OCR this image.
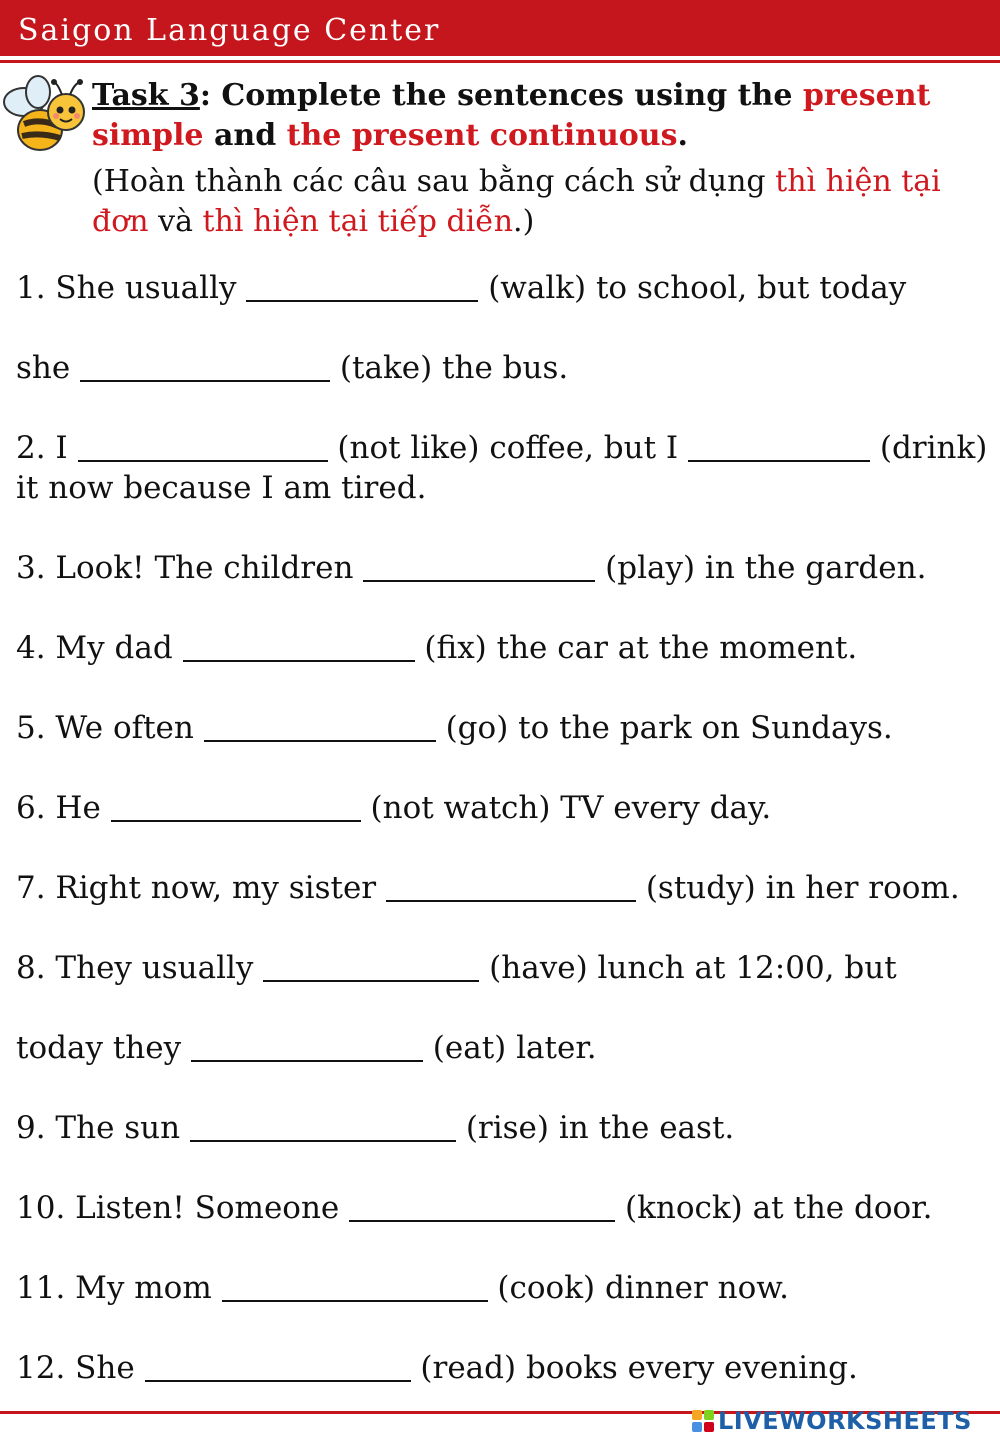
Saigon Language Center
Task 3: Complete the sentences using the present simple and the present continuous.
(Hoàn thành các câu sau bằng cách sử dụng thì hiện tại đơn và thì hiện tại tiếp diễn.)
1. She usually	(walk) to school, but today
she	(take) the bus.
2. I	(not like) coffee, but I	(drink)
it now because I am tired.
3. Look! The children	(play) in the garden.
4. My dad	(fix) the car at the moment.
5. We often	(go) to the park on Sundays.
6. He	(not watch) TV every day.
7. Right now, my sister	(study) in her room.
8. They usually	(have) lunch at 12:00, but
today they	(eat) later.
9. The sun	(rise) in the east.
10. Listen! Someone	(knock) at the door.
11. My mom	(cook) dinner now.
12. She	(read) books every evening.
LIVEWORKSHEETS
